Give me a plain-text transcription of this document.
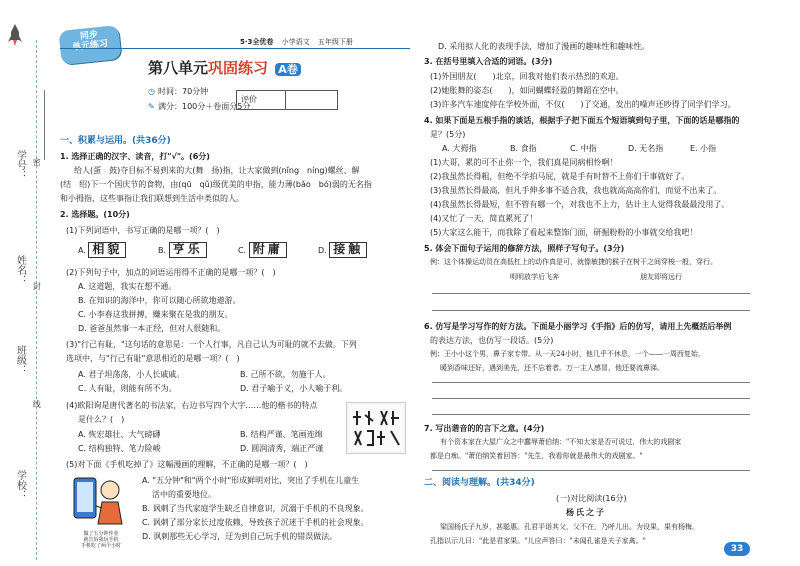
学号： 密
姓名：
封
班级：
线
学校：
同步
单元练习	5·3全优卷 小学语文 五年级下册
第八单元巩固练习 A卷
◷ 时间：70分钟
✎ 满分：100分＋卷面分5分
评价
一、积累与运用。(共36分)
1. 选择正确的汉字、读音，打"√"。(6分)
给人(蛋　鼓)夺目标不易到来的大(舞　扬)指，让大家做到(nǐng　níng)螺丝、解
(结　绍)下一个国庆节的食物，由(qū　qǔ)级优美的申指，能力薄(bǎo　bó)弱的无名指
和小拇指，这些事指让我们联想到生活中类似的人。
2. 选择题。(10分)
(1)下列词语中，书写正确的是哪一项？(　)
A. 相貌	B. 亨乐	C. 附庸	D. 接触
(2)下列句子中，加点的词语运用得不正确的是哪一项？(　)
A. 这道题，我实在想不通。
B. 在知识的海洋中，你可以随心所欲地遨游。
C. 小李春这我拼搏，赚来聚在是我的朋友。
D. 爸爸虽然事一本正经，但对人很随和。
(3)"行己有耻，"这句话的意思是：一个人行事，凡自己认为可耻的就不去做。下列
选项中，与"行己有耻"意思相近的是哪一项？(　)
A. 君子坦荡荡，小人长戚戚。	B. 己所不欲，勿施于人。
C. 人有耻，则能有所不为。	D. 君子喻于义，小人喻于利。
(4)欧阳询是唐代著名的书法家，右边书写四个大字……他的楷书的特点
是什么？(　)
A. 恢宏雄壮、大气磅礴	B. 结构严谨、笔画连绵
C. 结构独特、笔力险峻	D. 圆润清秀，端正严谨
(5)对下面《手机吃掉了》这幅漫画的理解，不正确的是哪一项？(　)
A. "五分钟"和"两个小时"形成鲜明对比，突出了手机在儿童生
活中的重要地位。
B. 讽刺了当代家庭学生缺乏自律意识，沉溺于手机的不良现象。
C. 讽刺了部分家长过度依赖，导致孩子沉迷于手机的社会现象。
D. 讽刺那些无心学习，迂为到自己玩手机的错误做法。
做了五分钟作业
就告诉我玩手机
手机吃了两个小时
D. 采用拟人化的表现手法，增加了漫画的趣味性和趣味性。
3. 在括号里填入合适的词语。(3分)
(1)外国朋友(　　)北京，回我对他们表示热烈的欢迎。
(2)她胀舞的姿态(　　)，如同蝴蝶轻盈的舞蹈在空中。
(3)许多汽车速度停在学校外面，不仅(　　)了交通，发出的噪声还吵得了同学们学习。
4. 如果下面是五根手指的谈话，根据手子把下面五个短语填到句子里，下面的话是哪指的
是？(5分)
A. 大拇指	B. 食指	C. 中指	D. 无名指	E. 小指
(1)大哥，累的可不止你一个，我们真是同病相怜啊！
(2)我虽然长得粗，但绝不学拍马屁，就是手有时替不上你们干事就好了。
(3)我虽然长得最高，但凡手伸多事不适合我，我也就高高高你们，而觉不出来了。
(4)我虽然长得最短，但不管有哪一个，对我也不上力，估计主人觉得我最最没用了。
(4)又忙了一天，简直累死了！
(5)大家这么能干，而我除了看起来整饰门面，研掘粉粉的小事就交给我吧！
5. 体会下面句子运用的修辞方法，照样子写句子。(3分)
例：这个体操运动员在高低杠上的动作真是可，就像敏捷的猴子在树干之间穿梭一般，穿行。
明明放学后飞奔	朋友即将远行
6. 仿写是学习写作的好方法。下面是小丽学习《手指》后的仿写，请用上先概括后举例
的表达方法，也仿写一段话。(5分)
例：王小小这个男，鼻子家专带。从一天24小时，他几乎不休息，一个——一周西复始，
暖到香味还好，遇到美先，还不忘着者。万一主人感冒，他还要流鼻涕。
7. 写出谐音的的言下之意。(4分)
有个资本家在大屋广众之中蠢辱萧伯纳："不知大家是否可说过，伟大的戏剧家
都是白痴。"萧伯纳笑着回答："先生，我看你就是最伟大的戏剧家。"
二、阅读与理解。(共34分)
(一)对比阅读(16分)
杨氏之子
梁国杨氏子九岁，甚聪惠。孔君平诣其父，父不在，乃呼儿出。为设果，果有杨梅。
孔指以示儿曰："此是君家果。"儿应声答曰："未闻孔雀是夫子家禽。"
33
